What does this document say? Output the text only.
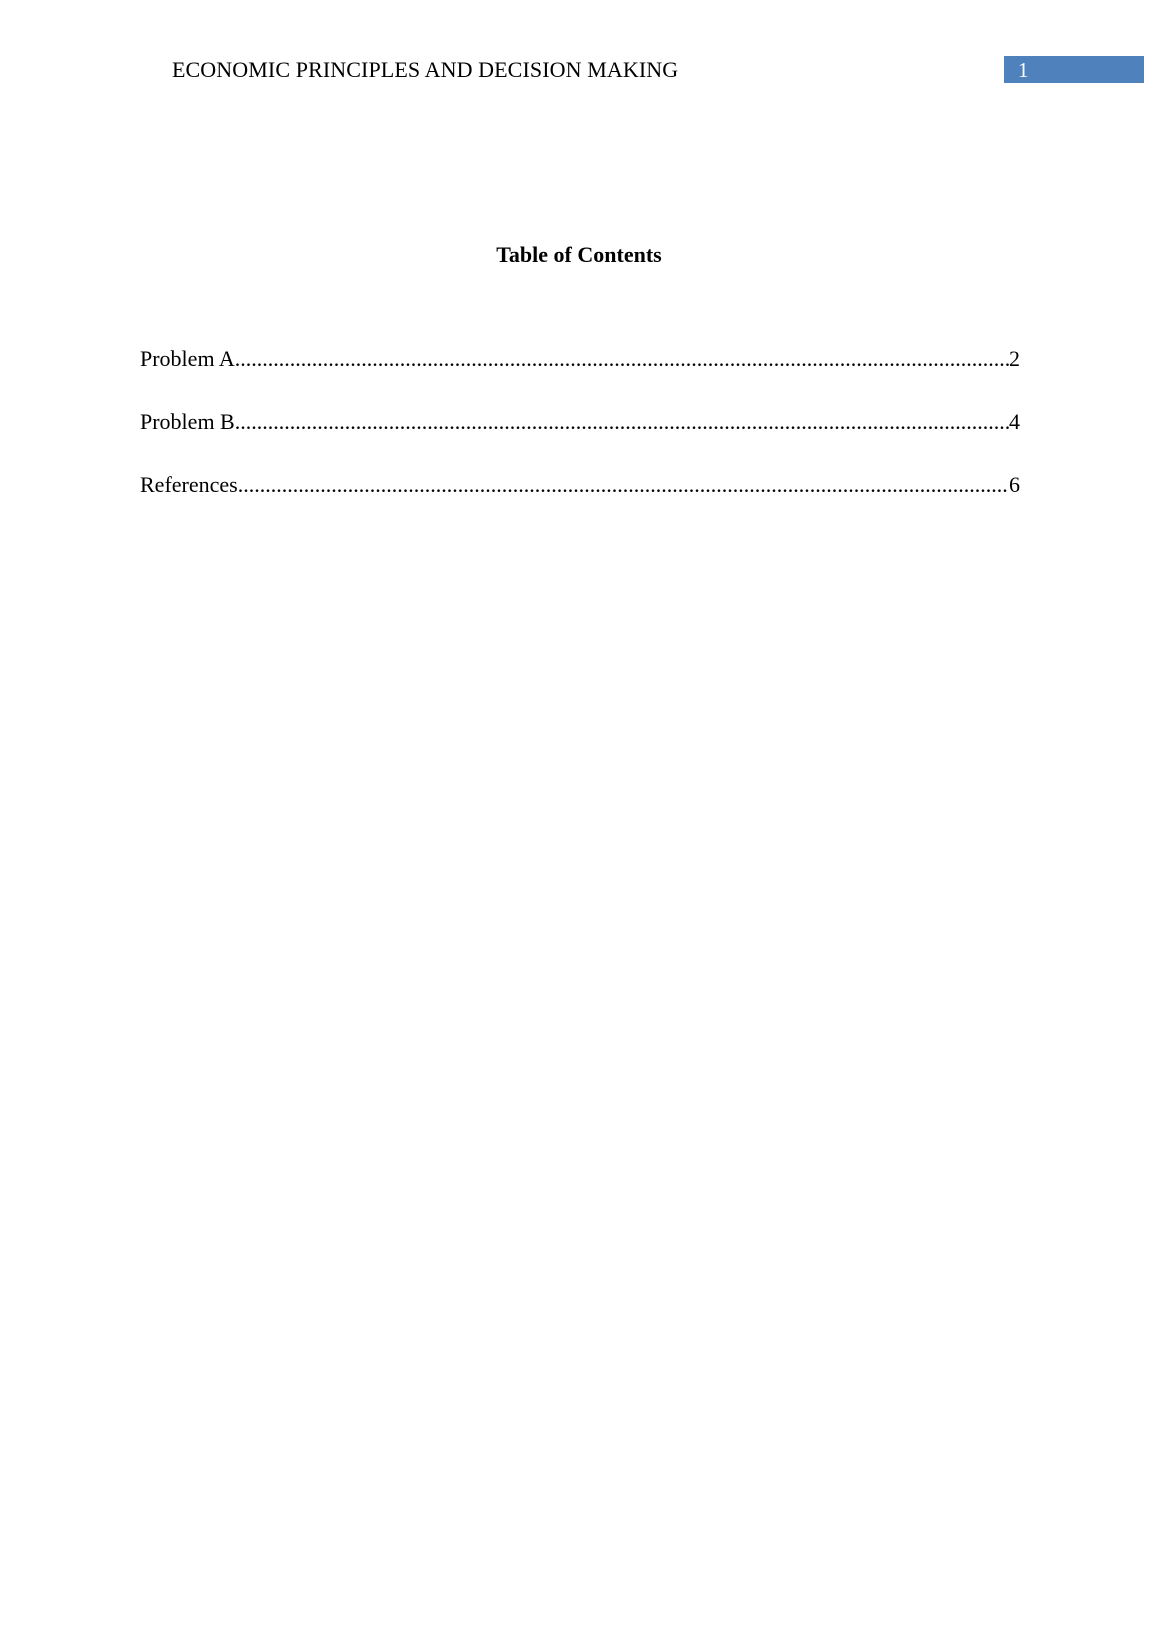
ECONOMIC PRINCIPLES AND DECISION MAKING	1
Table of Contents
Problem A .....	2
Problem B .....	4
References .....	6
